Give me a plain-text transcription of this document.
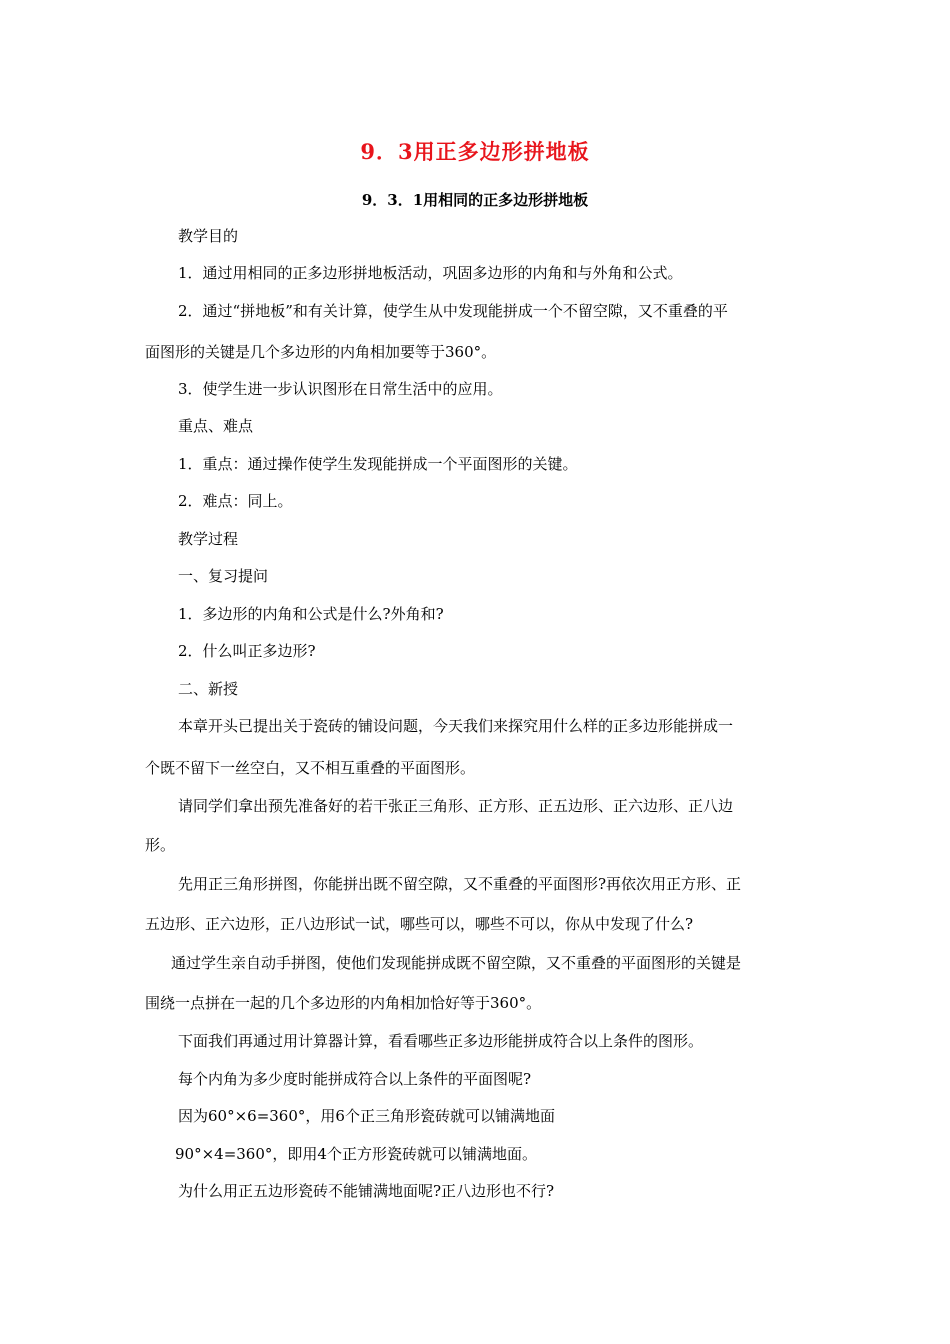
9．3用正多边形拼地板
9．3．1用相同的正多边形拼地板
教学目的
1．通过用相同的正多边形拼地板活动，巩固多边形的内角和与外角和公式。
2．通过“拼地板”和有关计算，使学生从中发现能拼成一个不留空隙，又不重叠的平
面图形的关键是几个多边形的内角相加要等于360°。
3．使学生进一步认识图形在日常生活中的应用。
重点、难点
1．重点：通过操作使学生发现能拼成一个平面图形的关键。
2．难点：同上。
教学过程
一、复习提问
1．多边形的内角和公式是什么?外角和?
2．什么叫正多边形?
二、新授
本章开头已提出关于瓷砖的铺设问题，今天我们来探究用什么样的正多边形能拼成一
个既不留下一丝空白，又不相互重叠的平面图形。
请同学们拿出预先准备好的若干张正三角形、正方形、正五边形、正六边形、正八边
形。
先用正三角形拼图，你能拼出既不留空隙，又不重叠的平面图形?再依次用正方形、正
五边形、正六边形，正八边形试一试，哪些可以，哪些不可以，你从中发现了什么?
通过学生亲自动手拼图，使他们发现能拼成既不留空隙，又不重叠的平面图形的关键是
围绕一点拼在一起的几个多边形的内角相加恰好等于360°。
下面我们再通过用计算器计算，看看哪些正多边形能拼成符合以上条件的图形。
每个内角为多少度时能拼成符合以上条件的平面图呢?
因为60°×6=360°，用6个正三角形瓷砖就可以铺满地面
90°×4=360°，即用4个正方形瓷砖就可以铺满地面。
为什么用正五边形瓷砖不能铺满地面呢?正八边形也不行?
